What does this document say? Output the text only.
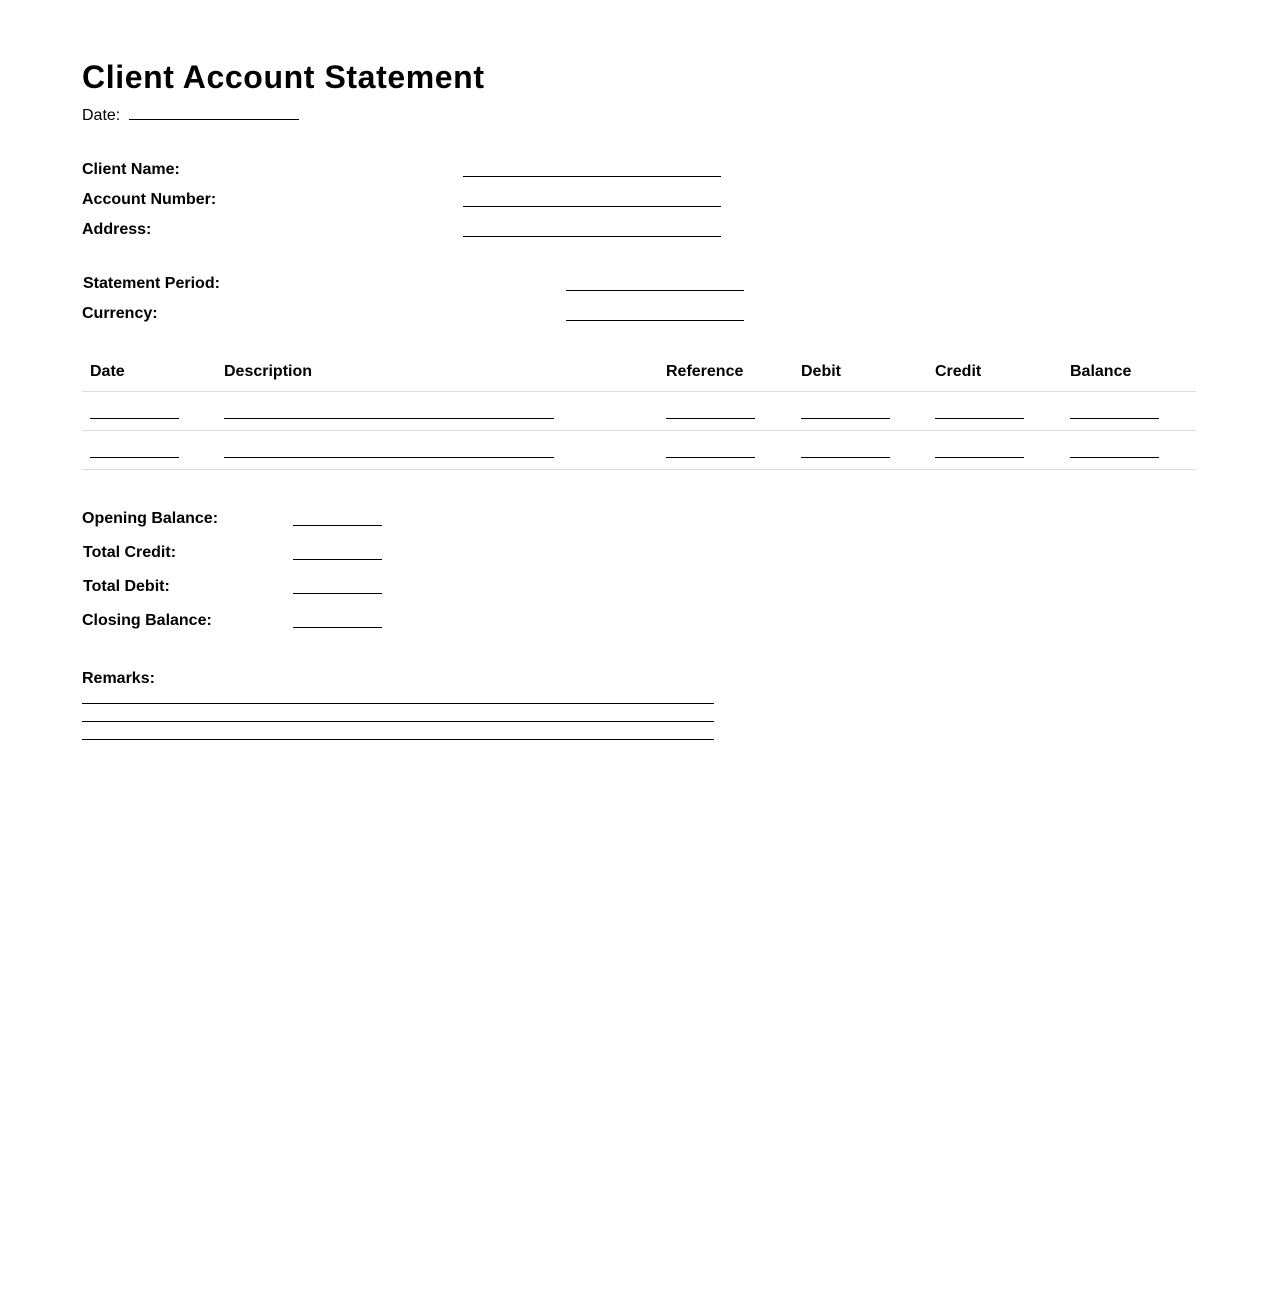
Client Account Statement
Date:
Client Name:
Account Number:
Address:
Statement Period:
Currency:
Date	Description	Reference	Debit	Credit	Balance
Opening Balance:
Total Credit:
Total Debit:
Closing Balance:
Remarks:
